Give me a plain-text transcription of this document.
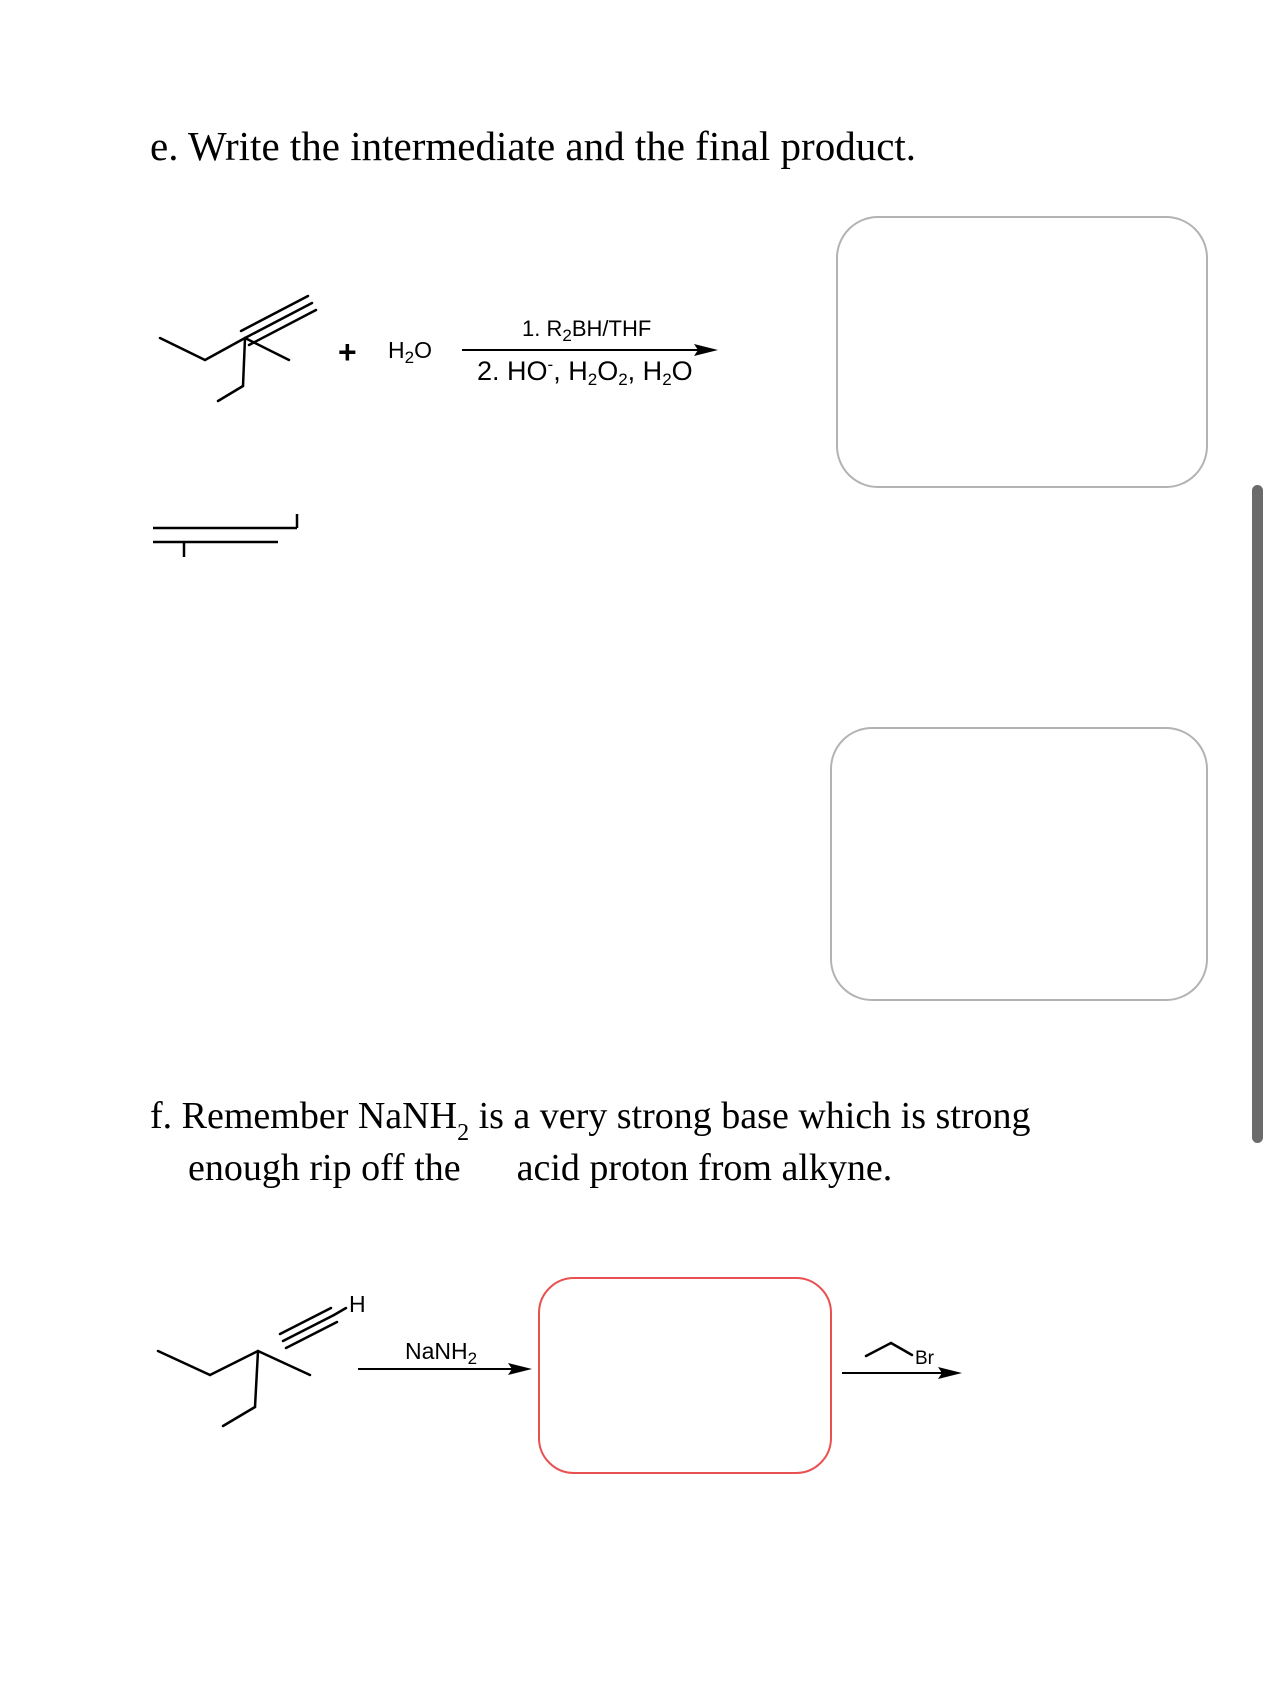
e. Write the intermediate and the final product.
+ $H_2O$
1. $R_2BH$/THF
2. HO-, $H_2O_2$, $H_2O$
f. Remember NaNH$_2$ is a very strong base which is strong
enough rip off the acid proton from alkyne.
H
NaNH$_2$	Br
